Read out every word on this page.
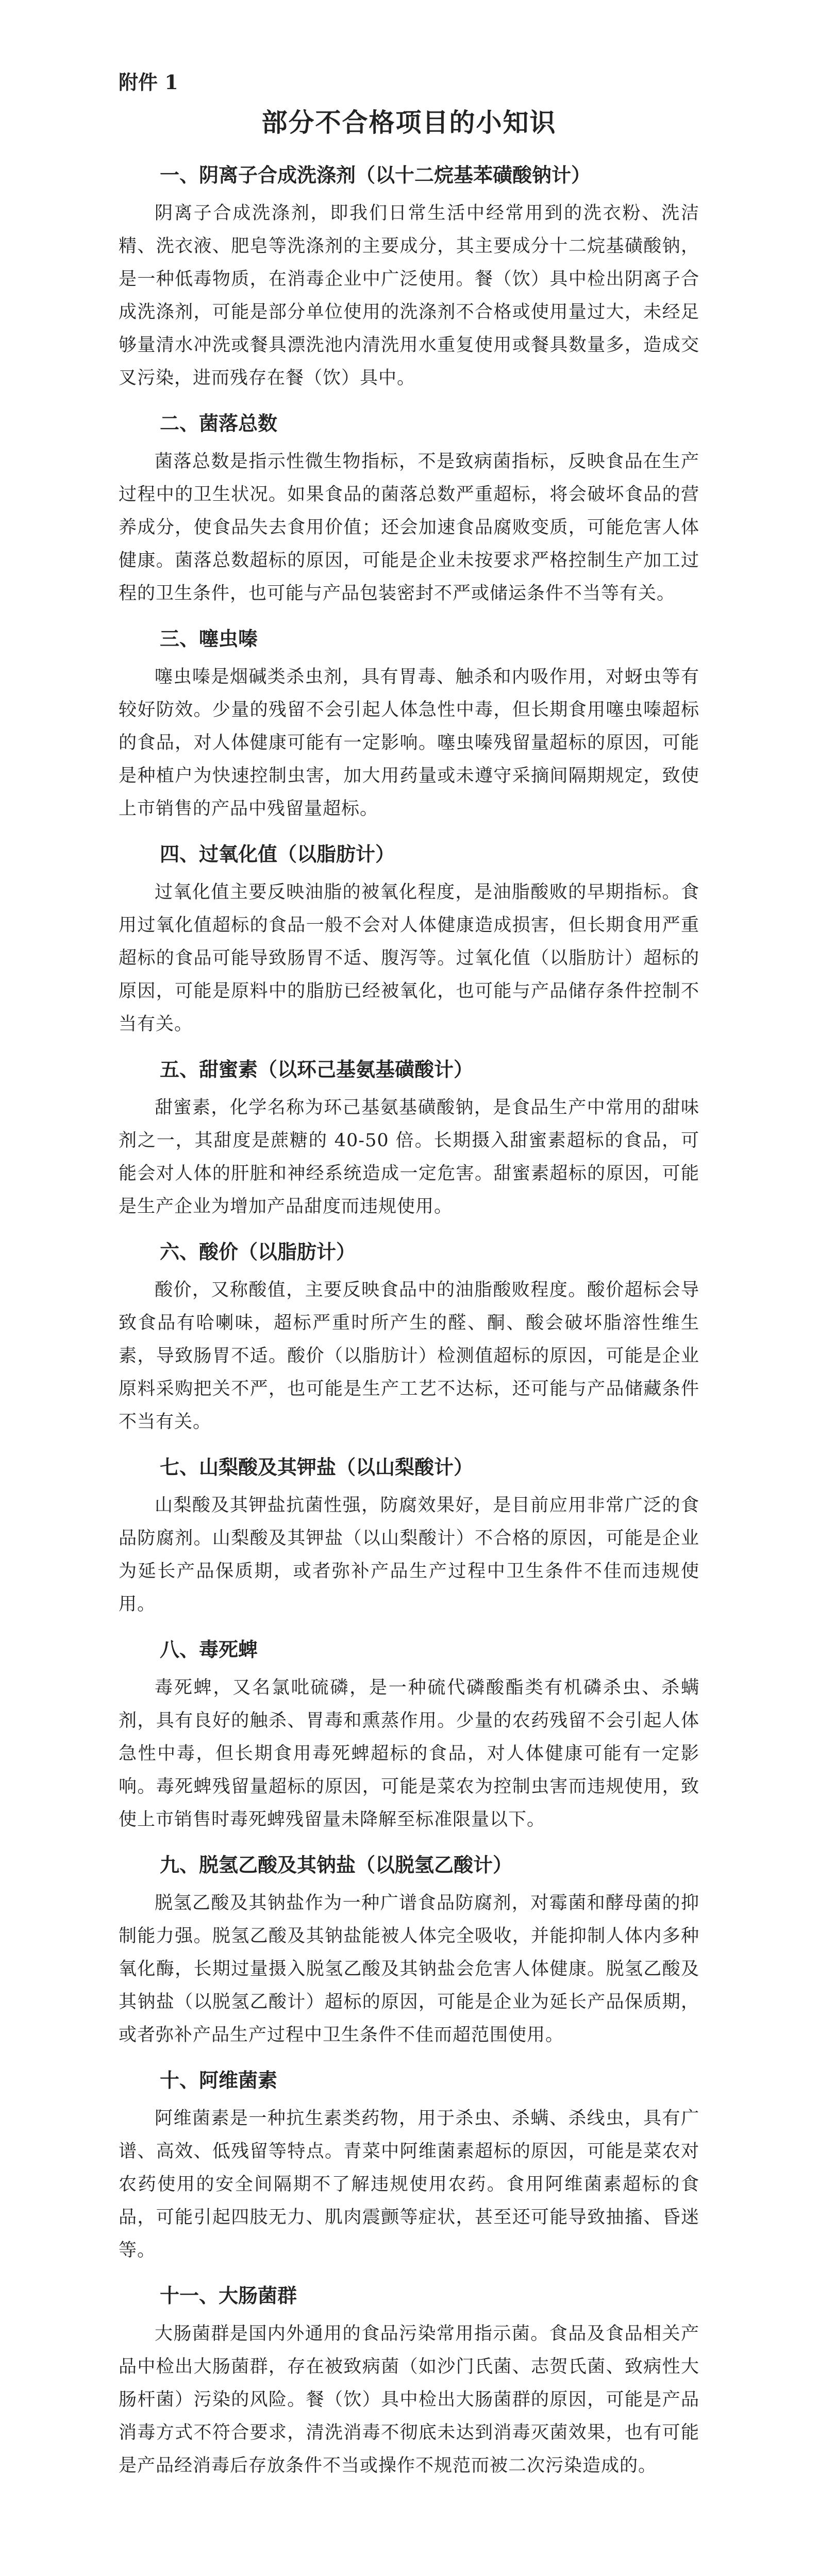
附件 1
部分不合格项目的小知识
一、阴离子合成洗涤剂（以十二烷基苯磺酸钠计）
阴离子合成洗涤剂，即我们日常生活中经常用到的洗衣粉、洗洁精、洗衣液、肥皂等洗涤剂的主要成分，其主要成分十二烷基磺酸钠，是一种低毒物质，在消毒企业中广泛使用。餐（饮）具中检出阴离子合成洗涤剂，可能是部分单位使用的洗涤剂不合格或使用量过大，未经足够量清水冲洗或餐具漂洗池内清洗用水重复使用或餐具数量多，造成交叉污染，进而残存在餐（饮）具中。
二、菌落总数
菌落总数是指示性微生物指标，不是致病菌指标，反映食品在生产过程中的卫生状况。如果食品的菌落总数严重超标，将会破坏食品的营养成分，使食品失去食用价值；还会加速食品腐败变质，可能危害人体健康。菌落总数超标的原因，可能是企业未按要求严格控制生产加工过程的卫生条件，也可能与产品包装密封不严或储运条件不当等有关。
三、噻虫嗪
噻虫嗪是烟碱类杀虫剂，具有胃毒、触杀和内吸作用，对蚜虫等有较好防效。少量的残留不会引起人体急性中毒，但长期食用噻虫嗪超标的食品，对人体健康可能有一定影响。噻虫嗪残留量超标的原因，可能是种植户为快速控制虫害，加大用药量或未遵守采摘间隔期规定，致使上市销售的产品中残留量超标。
四、过氧化值（以脂肪计）
过氧化值主要反映油脂的被氧化程度，是油脂酸败的早期指标。食用过氧化值超标的食品一般不会对人体健康造成损害，但长期食用严重超标的食品可能导致肠胃不适、腹泻等。过氧化值（以脂肪计）超标的原因，可能是原料中的脂肪已经被氧化，也可能与产品储存条件控制不当有关。
五、甜蜜素（以环己基氨基磺酸计）
甜蜜素，化学名称为环己基氨基磺酸钠，是食品生产中常用的甜味剂之一，其甜度是蔗糖的 40-50 倍。长期摄入甜蜜素超标的食品，可能会对人体的肝脏和神经系统造成一定危害。甜蜜素超标的原因，可能是生产企业为增加产品甜度而违规使用。
六、酸价（以脂肪计）
酸价，又称酸值，主要反映食品中的油脂酸败程度。酸价超标会导致食品有哈喇味，超标严重时所产生的醛、酮、酸会破坏脂溶性维生素，导致肠胃不适。酸价（以脂肪计）检测值超标的原因，可能是企业原料采购把关不严，也可能是生产工艺不达标，还可能与产品储藏条件不当有关。
七、山梨酸及其钾盐（以山梨酸计）
山梨酸及其钾盐抗菌性强，防腐效果好，是目前应用非常广泛的食品防腐剂。山梨酸及其钾盐（以山梨酸计）不合格的原因，可能是企业为延长产品保质期，或者弥补产品生产过程中卫生条件不佳而违规使用。
八、毒死蜱
毒死蜱，又名氯吡硫磷，是一种硫代磷酸酯类有机磷杀虫、杀螨剂，具有良好的触杀、胃毒和熏蒸作用。少量的农药残留不会引起人体急性中毒，但长期食用毒死蜱超标的食品，对人体健康可能有一定影响。毒死蜱残留量超标的原因，可能是菜农为控制虫害而违规使用，致使上市销售时毒死蜱残留量未降解至标准限量以下。
九、脱氢乙酸及其钠盐（以脱氢乙酸计）
脱氢乙酸及其钠盐作为一种广谱食品防腐剂，对霉菌和酵母菌的抑制能力强。脱氢乙酸及其钠盐能被人体完全吸收，并能抑制人体内多种氧化酶，长期过量摄入脱氢乙酸及其钠盐会危害人体健康。脱氢乙酸及其钠盐（以脱氢乙酸计）超标的原因，可能是企业为延长产品保质期，或者弥补产品生产过程中卫生条件不佳而超范围使用。
十、阿维菌素
阿维菌素是一种抗生素类药物，用于杀虫、杀螨、杀线虫，具有广谱、高效、低残留等特点。青菜中阿维菌素超标的原因，可能是菜农对农药使用的安全间隔期不了解违规使用农药。食用阿维菌素超标的食品，可能引起四肢无力、肌肉震颤等症状，甚至还可能导致抽搐、昏迷等。
十一、大肠菌群
大肠菌群是国内外通用的食品污染常用指示菌。食品及食品相关产品中检出大肠菌群，存在被致病菌（如沙门氏菌、志贺氏菌、致病性大肠杆菌）污染的风险。餐（饮）具中检出大肠菌群的原因，可能是产品消毒方式不符合要求，清洗消毒不彻底未达到消毒灭菌效果，也有可能是产品经消毒后存放条件不当或操作不规范而被二次污染造成的。
